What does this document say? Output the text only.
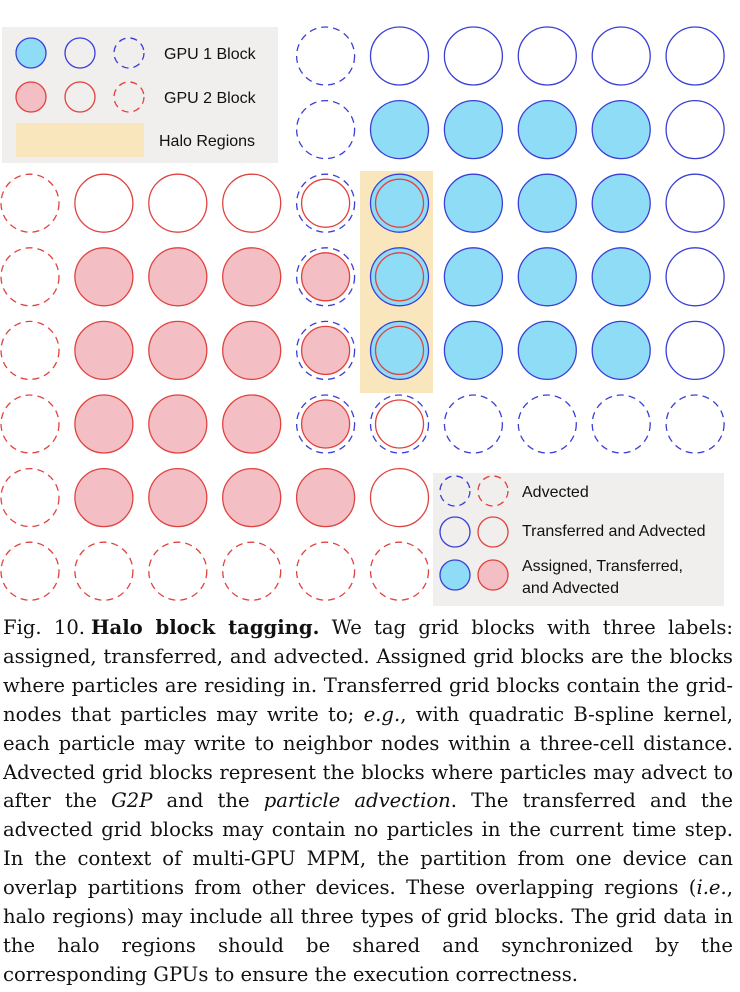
GPU 1 Block
GPU 2 Block
Halo Regions
Advected
Transferred and Advected
Assigned, Transferred,
and Advected
Fig. 10. Halo block tagging. We tag grid blocks with three labels: assigned, transferred, and advected. Assigned grid blocks are the blocks where particles are residing in. Transferred grid blocks contain the grid-nodes that particles may write to; e.g., with quadratic B-spline kernel, each particle may write to neighbor nodes within a three-cell distance. Advected grid blocks represent the blocks where particles may advect to after the G2P and the particle advection. The transferred and the advected grid blocks may contain no particles in the current time step. In the context of multi-GPU MPM, the partition from one device can overlap partitions from other devices. These overlapping regions (i.e., halo regions) may include all three types of grid blocks. The grid data in the halo regions should be shared and synchronized by the corresponding GPUs to ensure the execution correctness.
